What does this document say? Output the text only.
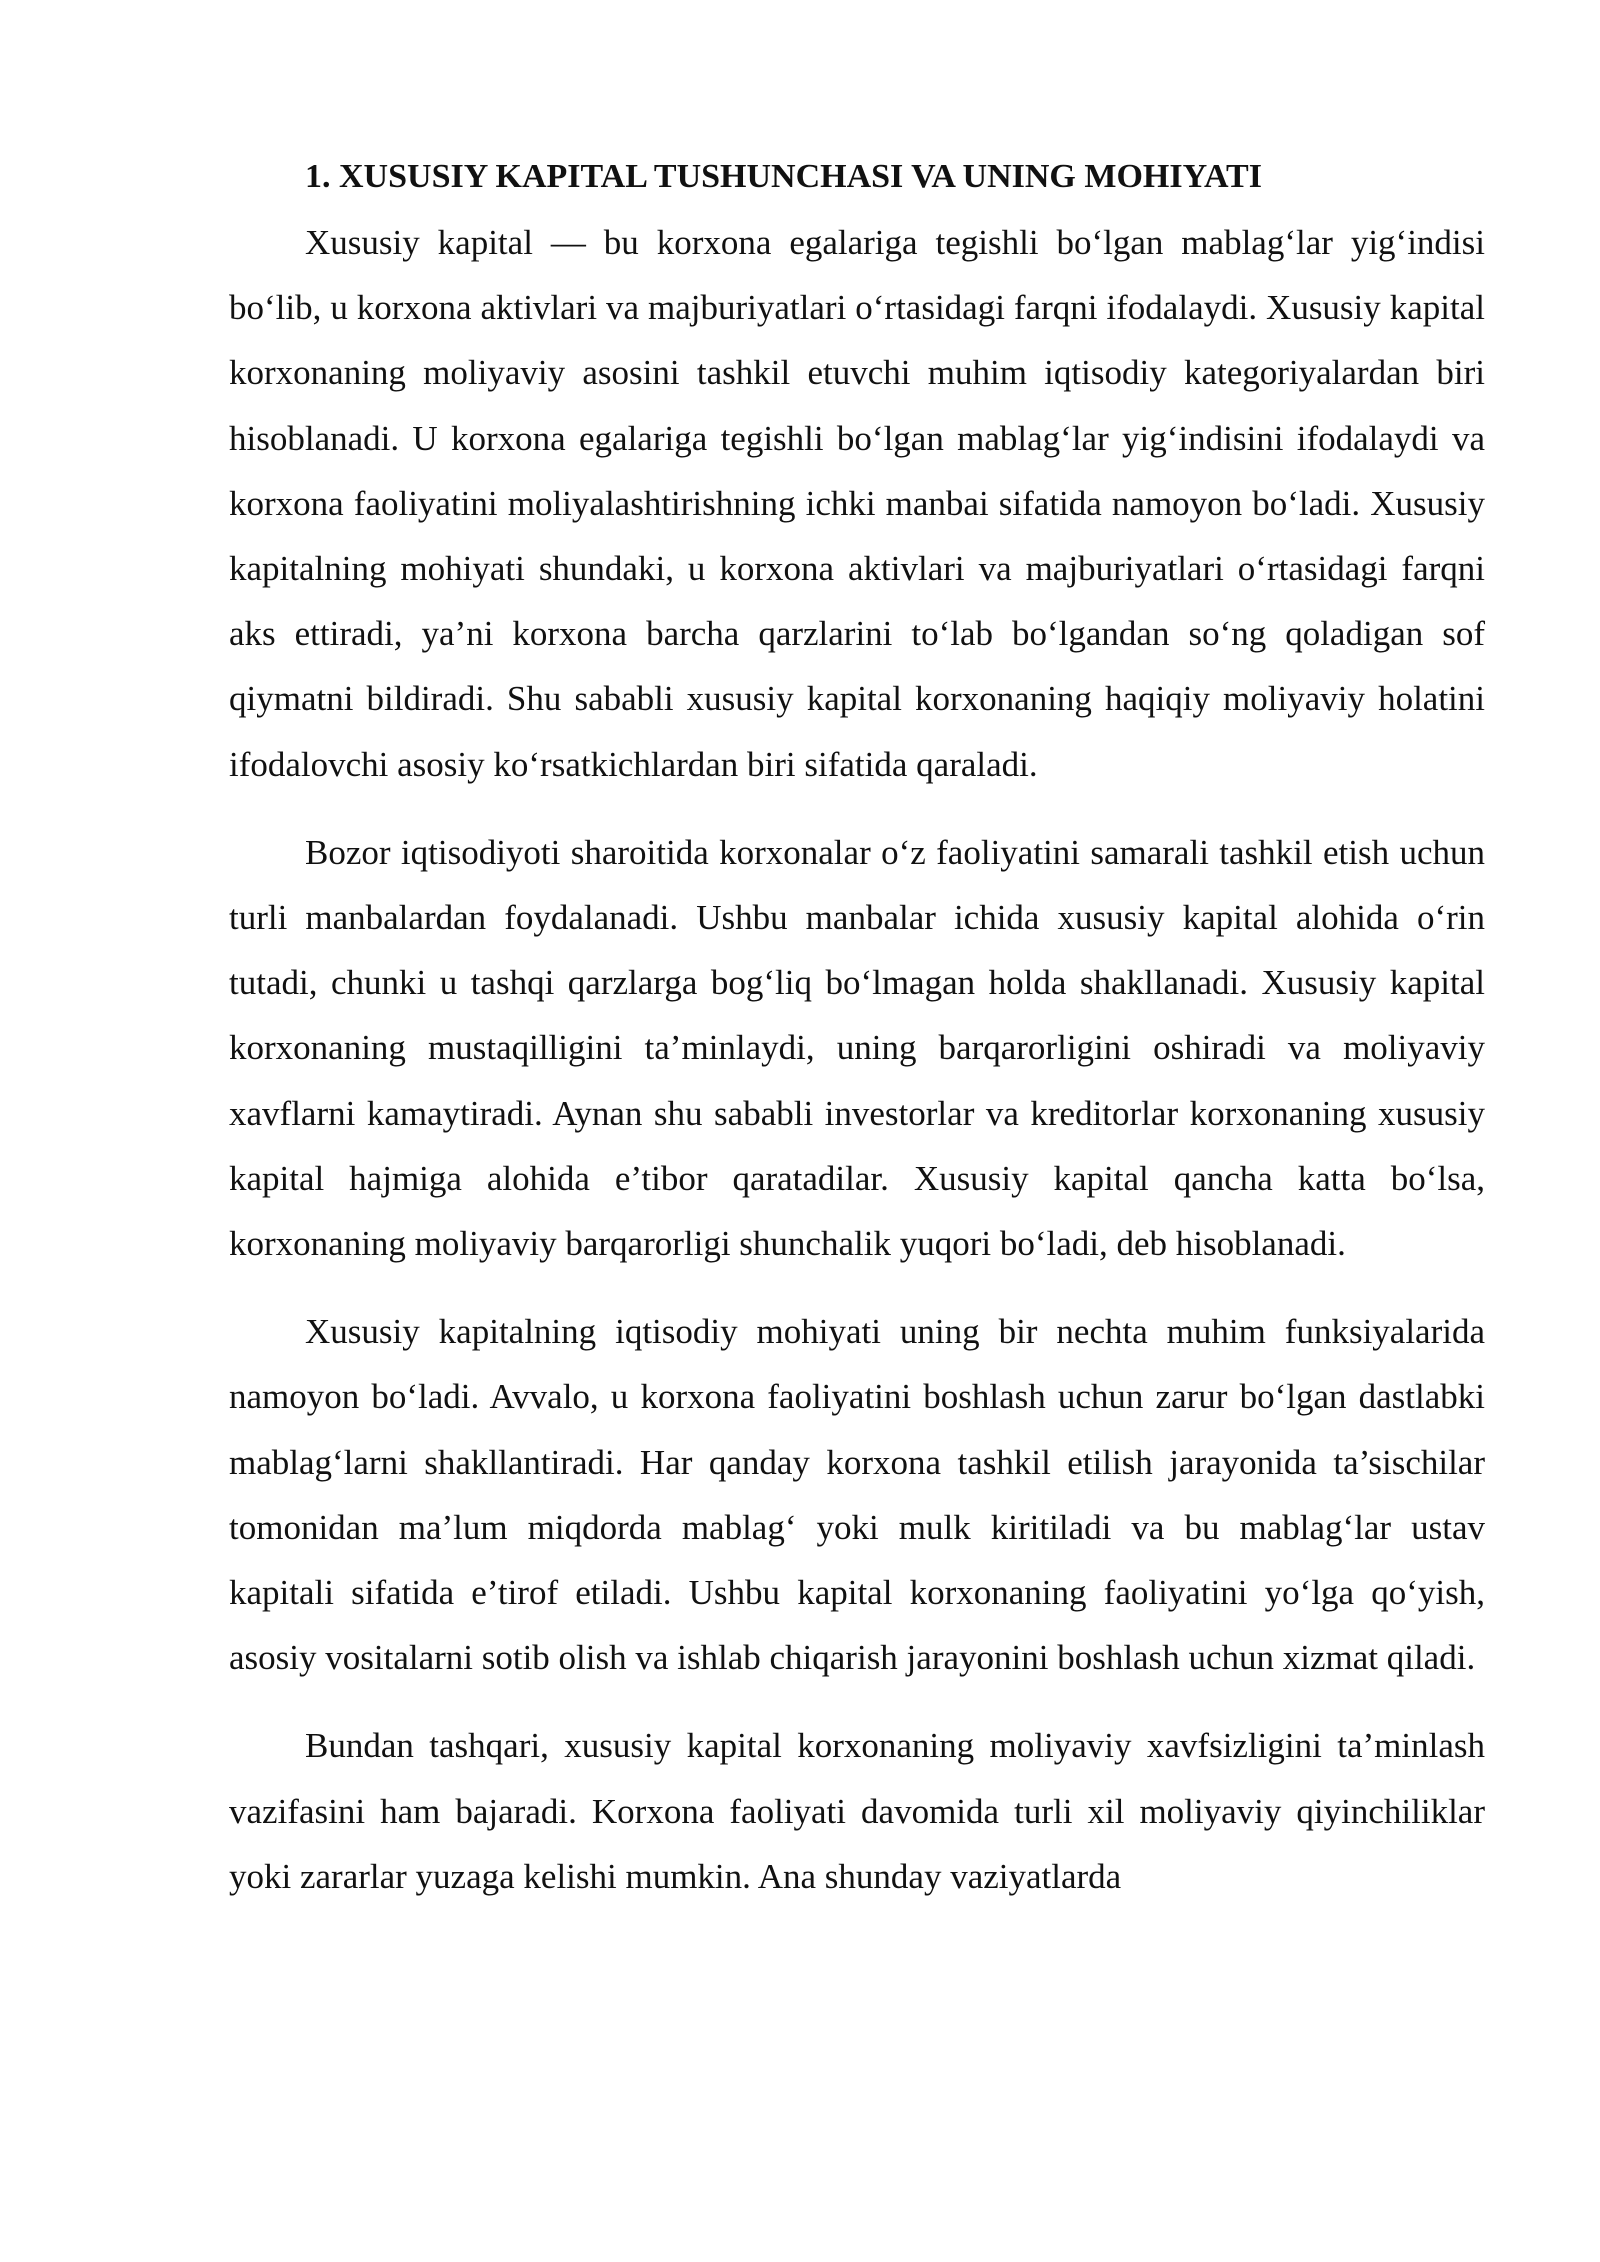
1. XUSUSIY KAPITAL TUSHUNCHASI VA UNING MOHIYATI

Xususiy kapital — bu korxona egalariga tegishli bo‘lgan mablag‘lar yig‘indisi bo‘lib, u korxona aktivlari va majburiyatlari o‘rtasidagi farqni ifodalaydi. Xususiy kapital korxonaning moliyaviy asosini tashkil etuvchi muhim iqtisodiy kategoriyalardan biri hisoblanadi. U korxona egalariga tegishli bo‘lgan mablag‘lar yig‘indisini ifodalaydi va korxona faoliyatini moliyalashtirishning ichki manbai sifatida namoyon bo‘ladi. Xususiy kapitalning mohiyati shundaki, u korxona aktivlari va majburiyatlari o‘rtasidagi farqni aks ettiradi, ya’ni korxona barcha qarzlarini to‘lab bo‘lgandan so‘ng qoladigan sof qiymatni bildiradi. Shu sababli xususiy kapital korxonaning haqiqiy moliyaviy holatini ifodalovchi asosiy ko‘rsatkichlardan biri sifatida qaraladi.

Bozor iqtisodiyoti sharoitida korxonalar o‘z faoliyatini samarali tashkil etish uchun turli manbalardan foydalanadi. Ushbu manbalar ichida xususiy kapital alohida o‘rin tutadi, chunki u tashqi qarzlarga bog‘liq bo‘lmagan holda shakllanadi. Xususiy kapital korxonaning mustaqilligini ta’minlaydi, uning barqarorligini oshiradi va moliyaviy xavflarni kamaytiradi. Aynan shu sababli investorlar va kreditorlar korxonaning xususiy kapital hajmiga alohida e’tibor qaratadilar. Xususiy kapital qancha katta bo‘lsa, korxonaning moliyaviy barqarorligi shunchalik yuqori bo‘ladi, deb hisoblanadi.

Xususiy kapitalning iqtisodiy mohiyati uning bir nechta muhim funksiyalarida namoyon bo‘ladi. Avvalo, u korxona faoliyatini boshlash uchun zarur bo‘lgan dastlabki mablag‘larni shakllantiradi. Har qanday korxona tashkil etilish jarayonida ta’sischilar tomonidan ma’lum miqdorda mablag‘ yoki mulk kiritiladi va bu mablag‘lar ustav kapitali sifatida e’tirof etiladi. Ushbu kapital korxonaning faoliyatini yo‘lga qo‘yish, asosiy vositalarni sotib olish va ishlab chiqarish jarayonini boshlash uchun xizmat qiladi.

Bundan tashqari, xususiy kapital korxonaning moliyaviy xavfsizligini ta’minlash vazifasini ham bajaradi. Korxona faoliyati davomida turli xil moliyaviy qiyinchiliklar yoki zararlar yuzaga kelishi mumkin. Ana shunday vaziyatlarda
